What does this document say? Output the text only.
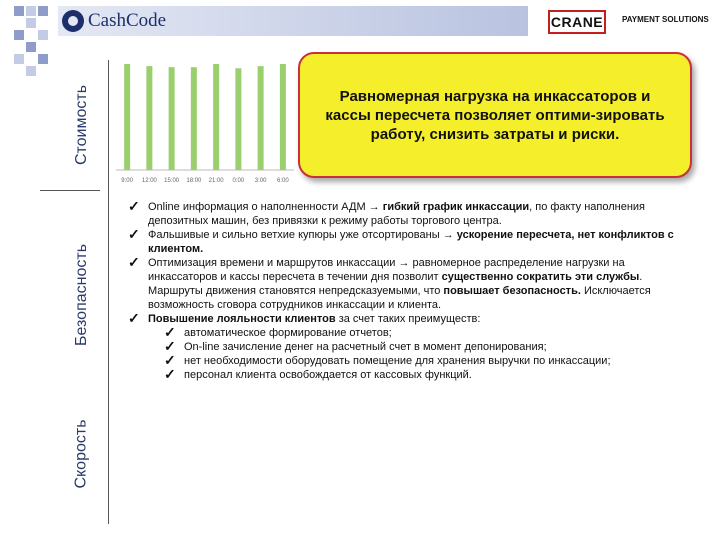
CashCode	CRANE	PAYMENT SOLUTIONS
Стоимость
Безопасность
Скорость
9:00 12:00 15:00 18:00 21:00 0:00 3:00 6:00
Равномерная нагрузка на инкассаторов и кассы пересчета позволяет оптими-зировать работу, снизить затраты и риски.

✓ Online информация о наполненности АДМ → гибкий график инкассации, по факту наполнения депозитных машин, без привязки к режиму работы торгового центра.

✓ Фальшивые и сильно ветхие купюры уже отсортированы → ускорение пересчета, нет конфликтов с клиентом.

✓ Оптимизация времени и маршрутов инкассации → равномерное распределение нагрузки на инкассаторов и кассы пересчета в течении дня позволит существенно сократить эти службы. Маршруты движения становятся непредсказуемыми, что повышает безопасность. Исключается возможность сговора сотрудников инкассации и клиента.

✓ Повышение лояльности клиентов за счет таких преимуществ:

✓ автоматическое формирование отчетов;

✓ On-line зачисление денег на расчетный счет в момент депонирования;

✓ нет необходимости оборудовать помещение для хранения выручки по инкассации;

✓ персонал клиента освобождается от кассовых функций.
